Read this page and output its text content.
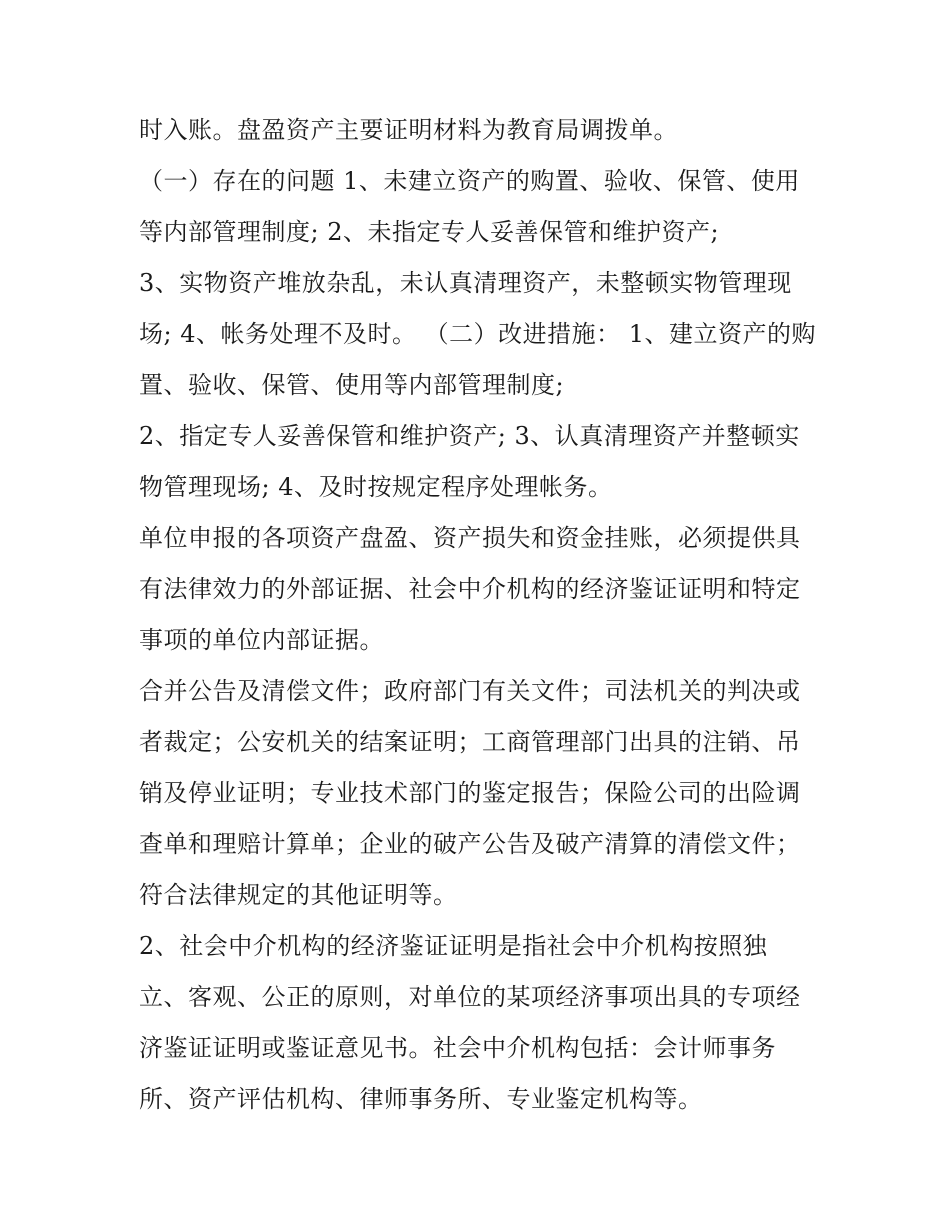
时入账。盘盈资产主要证明材料为教育局调拨单。
（一）存在的问题 1、未建立资产的购置、验收、保管、使用
等内部管理制度; 2、未指定专人妥善保管和维护资产;
3、实物资产堆放杂乱，未认真清理资产，未整顿实物管理现
场; 4、帐务处理不及时。 （二）改进措施： 1、建立资产的购
置、验收、保管、使用等内部管理制度;
2、指定专人妥善保管和维护资产; 3、认真清理资产并整顿实
物管理现场; 4、及时按规定程序处理帐务。
单位申报的各项资产盘盈、资产损失和资金挂账，必须提供具
有法律效力的外部证据、社会中介机构的经济鉴证证明和特定
事项的单位内部证据。
合并公告及清偿文件；政府部门有关文件；司法机关的判决或
者裁定；公安机关的结案证明；工商管理部门出具的注销、吊
销及停业证明；专业技术部门的鉴定报告；保险公司的出险调
查单和理赔计算单；企业的破产公告及破产清算的清偿文件；
符合法律规定的其他证明等。
2、社会中介机构的经济鉴证证明是指社会中介机构按照独
立、客观、公正的原则，对单位的某项经济事项出具的专项经
济鉴证证明或鉴证意见书。社会中介机构包括：会计师事务
所、资产评估机构、律师事务所、专业鉴定机构等。
